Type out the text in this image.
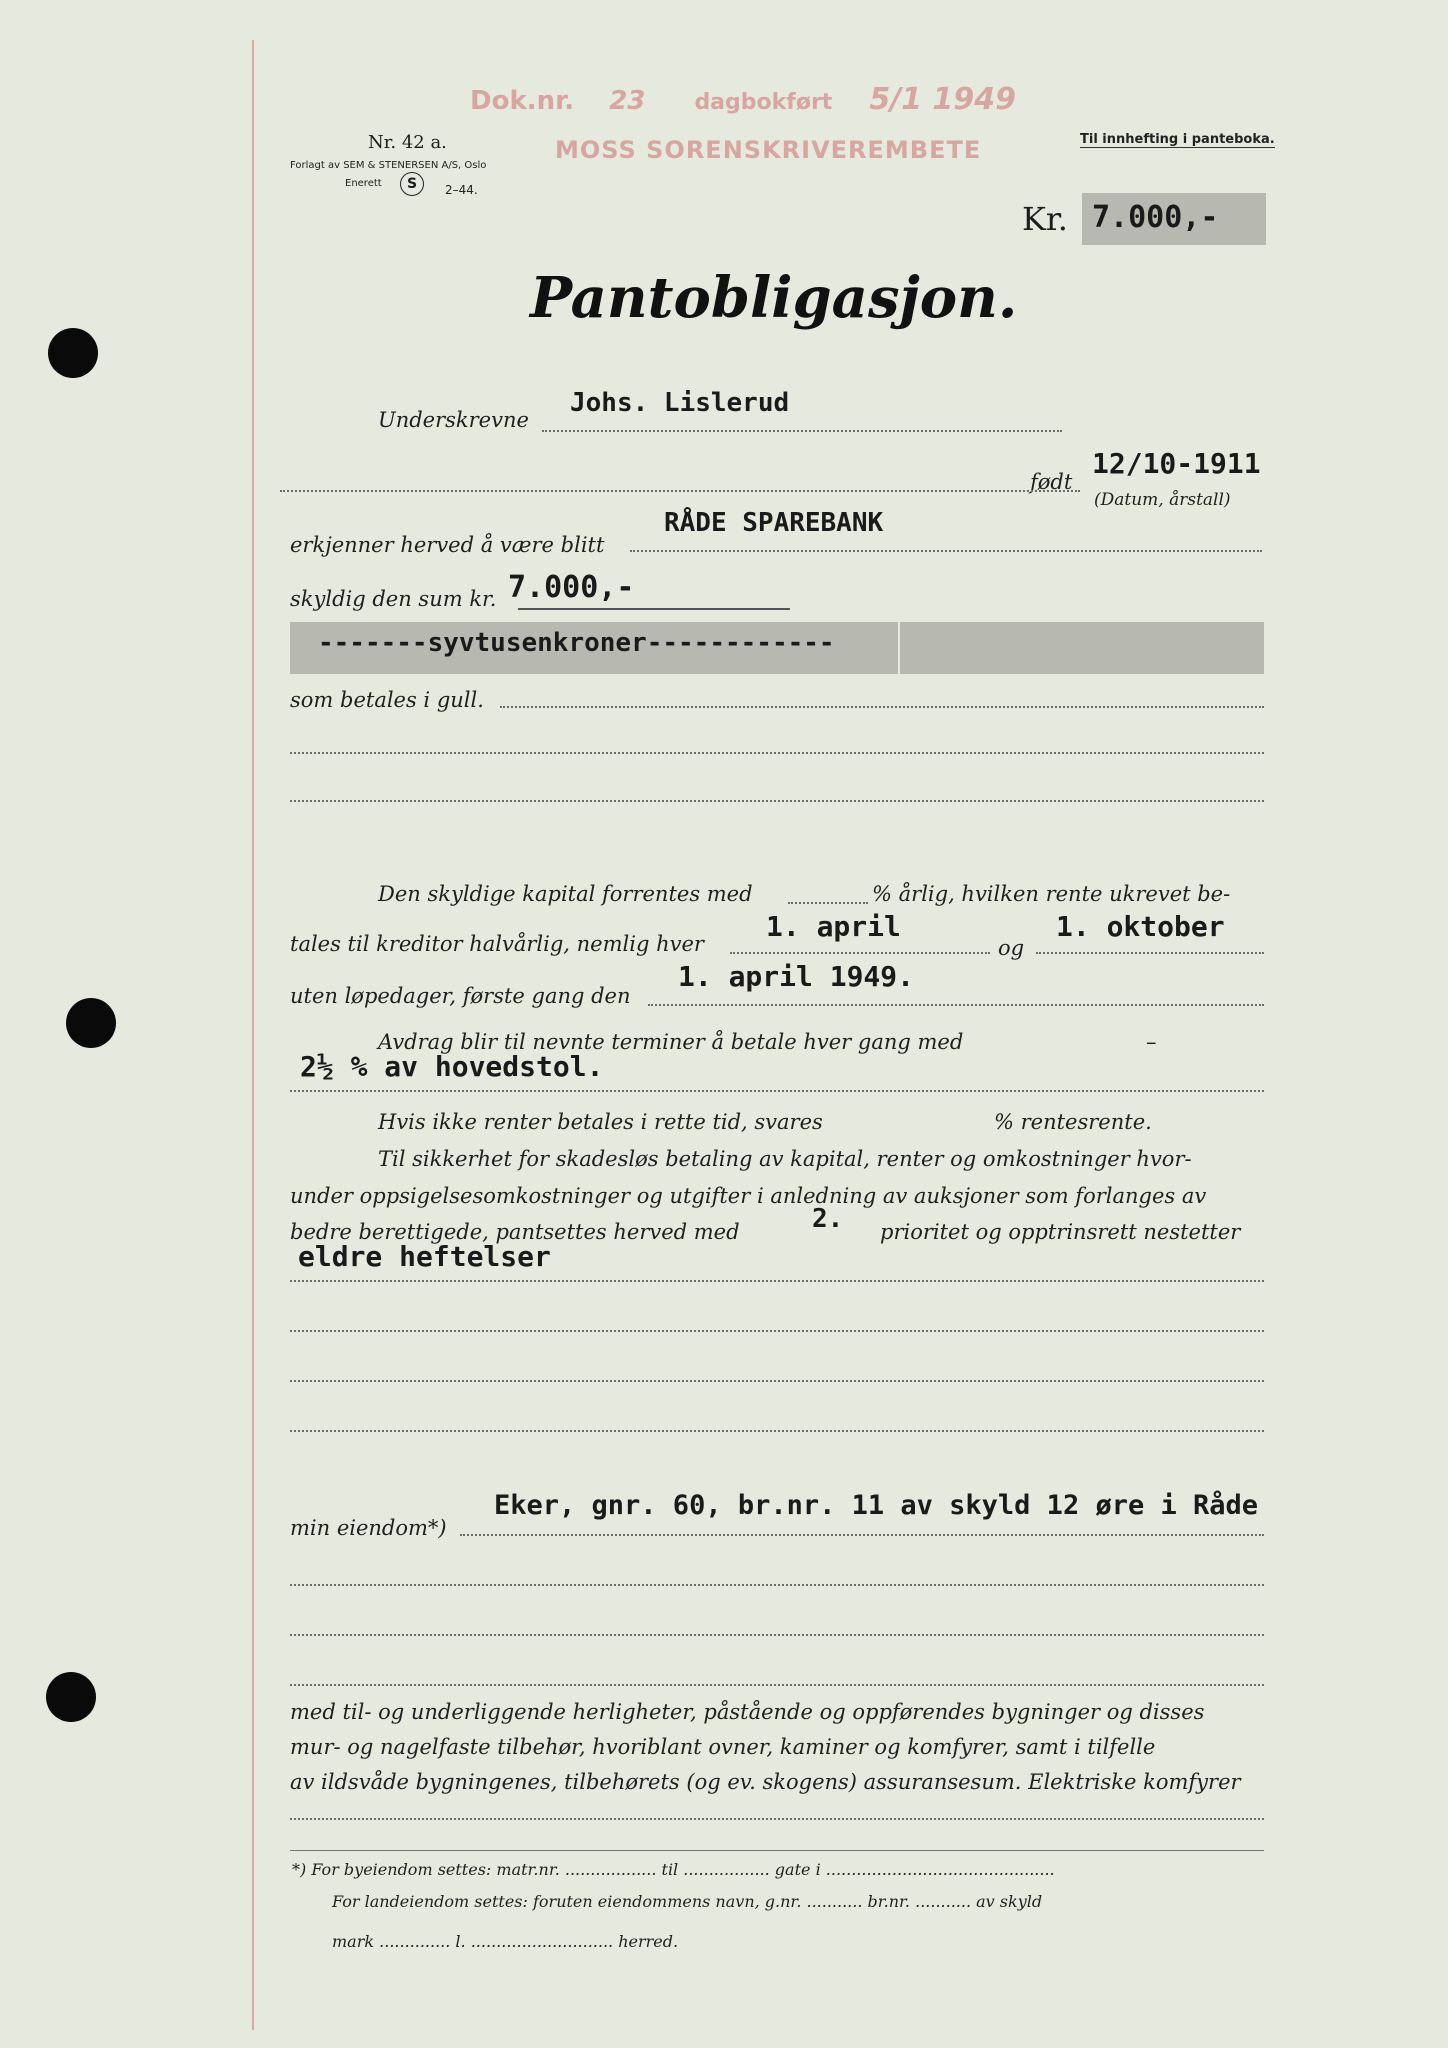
Dok.nr. 23 dagbokført 5/1 1949
MOSS SORENSKRIVEREMBETE
Nr. 42 a.
Forlagt av SEM & STENERSEN A/S, Oslo
Enerett	S	2–44.
Til innhefting i panteboka.
Kr. 7.000,-
Pantobligasjon.
Underskrevne
Johs. Lislerud
født
12/10-1911
(Datum, årstall)
erkjenner herved å være blitt
RÅDE SPAREBANK
skyldig den sum kr. 7.000,-
-------syvtusenkroner------------
som betales i gull.
Den skyldige kapital forrentes med	% årlig, hvilken rente ukrevet be-
tales til kreditor halvårlig, nemlig hver
1. april
og
1. oktober
uten løpedager, første gang den
1. april 1949.
Avdrag blir til nevnte terminer å betale hver gang med	–
2½ % av hovedstol.
Hvis ikke renter betales i rette tid, svares	% rentesrente.
Til sikkerhet for skadesløs betaling av kapital, renter og omkostninger hvor-
under oppsigelsesomkostninger og utgifter i anledning av auksjoner som forlanges av
bedre berettigede, pantsettes herved med	2. prioritet og opptrinsrett nestetter
eldre heftelser
min eiendom*)
Eker, gnr. 60, br.nr. 11 av skyld 12 øre i Råde
med til- og underliggende herligheter, påstående og oppførendes bygninger og disses
mur- og nagelfaste tilbehør, hvoriblant ovner, kaminer og komfyrer, samt i tilfelle
av ildsvåde bygningenes, tilbehørets (og ev. skogens) assuransesum. Elektriske komfyrer
*) For byeiendom settes: matr.nr. .................. til ................. gate i .............................................
For landeiendom settes: foruten eiendommens navn, g.nr. ........... br.nr. ........... av skyld
mark .............. l. ............................ herred.
